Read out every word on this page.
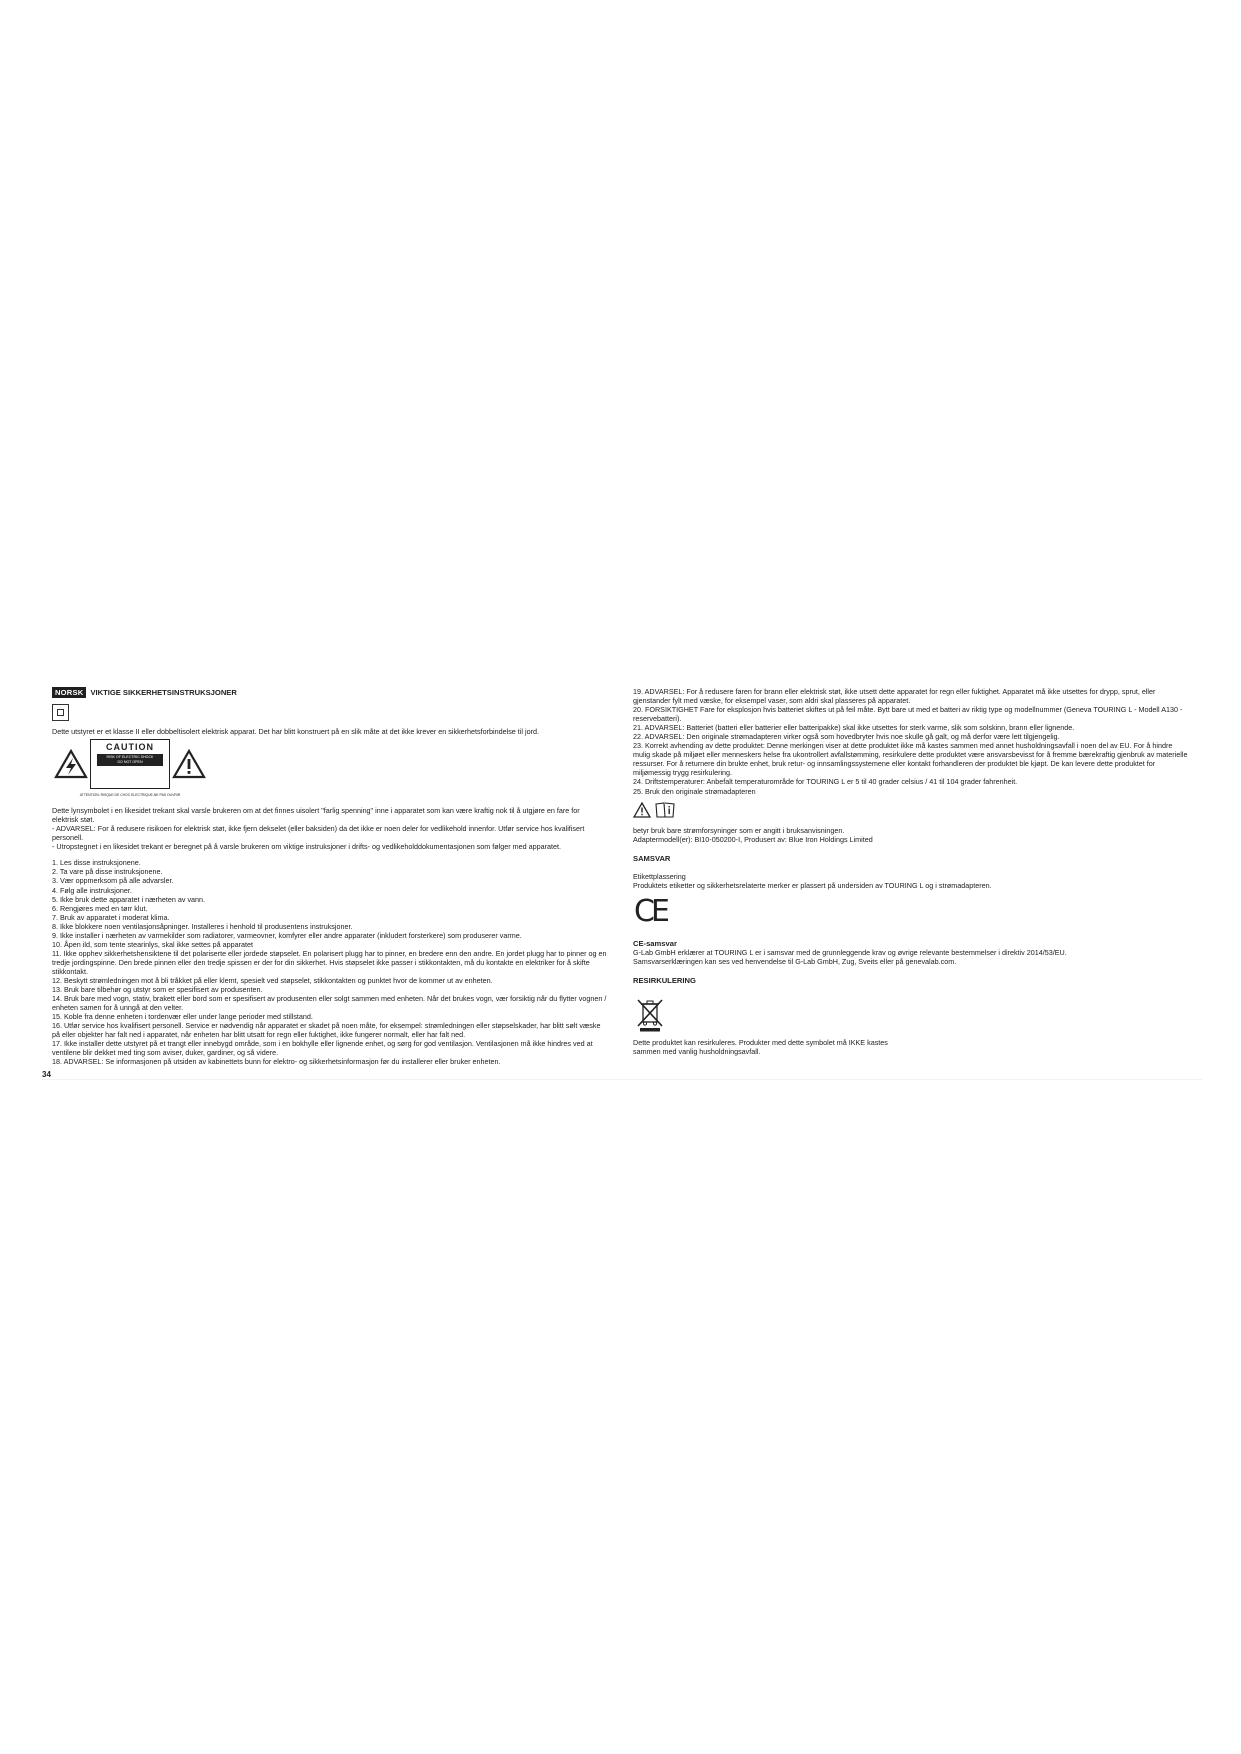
NORSK VIKTIGE SIKKERHETSINSTRUKSJONER

Dette utstyret er et klasse II eller dobbeltisolert elektrisk apparat. Det har blitt konstruert på en slik måte at det ikke krever en sikkerhetsforbindelse til jord.

CAUTION
RISK OF ELECTRIC SHOCK
DO NOT OPEN
ATTENTION: RISQUE DE CHOC ELECTRIQUE-NE PAS OUVRIR

Dette lynsymbolet i en likesidet trekant skal varsle brukeren om at det finnes uisolert "farlig spenning" inne i apparatet som kan være kraftig nok til å utgjøre en fare for elektrisk støt.

- ADVARSEL: For å redusere risikoen for elektrisk støt, ikke fjern dekselet (eller baksiden) da det ikke er noen deler for vedlikehold innenfor. Utfør service hos kvalifisert personell.

- Utropstegnet i en likesidet trekant er beregnet på å varsle brukeren om viktige instruksjoner i drifts- og vedlikeholddokumentasjonen som følger med apparatet.

1. Les disse instruksjonene.

2. Ta vare på disse instruksjonene.

3. Vær oppmerksom på alle advarsler.

4. Følg alle instruksjoner.

5. Ikke bruk dette apparatet i nærheten av vann.

6. Rengjøres med en tørr klut.

7. Bruk av apparatet i moderat klima.

8. Ikke blokkere noen ventilasjonsåpninger. Installeres i henhold til produsentens instruksjoner.

9. Ikke installer i nærheten av varmekilder som radiatorer, varmeovner, komfyrer eller andre apparater (inkludert forsterkere) som produserer varme.

10. Åpen ild, som tente stearinlys, skal ikke settes på apparatet

11. Ikke opphev sikkerhetshensiktene til det polariserte eller jordede støpselet. En polarisert plugg har to pinner, en bredere enn den andre. En jordet plugg har to pinner og en tredje jordingspinne. Den brede pinnen eller den tredje spissen er der for din sikkerhet. Hvis støpselet ikke passer i stikkontakten, må du kontakte en elektriker for å skifte stikkontakt.

12. Beskytt strømledningen mot å bli tråkket på eller klemt, spesielt ved støpselet, stikkontakten og punktet hvor de kommer ut av enheten.

13. Bruk bare tilbehør og utstyr som er spesifisert av produsenten.

14. Bruk bare med vogn, stativ, brakett eller bord som er spesifisert av produsenten eller solgt sammen med enheten. Når det brukes vogn, vær forsiktig når du flytter vognen / enheten samen for å unngå at den velter.

15. Koble fra denne enheten i tordenvær eller under lange perioder med stillstand.

16. Utfør service hos kvalifisert personell. Service er nødvendig når apparatet er skadet på noen måte, for eksempel: strømledningen eller støpselskader, har blitt sølt væske på eller objekter har falt ned i apparatet, når enheten har blitt utsatt for regn eller fuktighet, ikke fungerer normalt, eller har falt ned.

17. Ikke installer dette utstyret på et trangt eller innebygd område, som i en bokhylle eller lignende enhet, og sørg for god ventilasjon. Ventilasjonen må ikke hindres ved at ventilene blir dekket med ting som aviser, duker, gardiner, og så videre.

18. ADVARSEL: Se informasjonen på utsiden av kabinettets bunn for elektro- og sikkerhetsinformasjon før du installerer eller bruker enheten.

19. ADVARSEL: For å redusere faren for brann eller elektrisk støt, ikke utsett dette apparatet for regn eller fuktighet. Apparatet må ikke utsettes for drypp, sprut, eller gjenstander fylt med væske, for eksempel vaser, som aldri skal plasseres på apparatet.

20. FORSIKTIGHET Fare for eksplosjon hvis batteriet skiftes ut på feil måte. Bytt bare ut med et batteri av riktig type og modellnummer (Geneva TOURING L - Modell A130 - reservebatteri).

21. ADVARSEL: Batteriet (batteri eller batterier eller batteripakke) skal ikke utsettes for sterk varme, slik som solskinn, brann eller lignende.

22. ADVARSEL: Den originale strømadapteren virker også som hovedbryter hvis noe skulle gå galt, og må derfor være lett tilgjengelig.

23. Korrekt avhending av dette produktet: Denne merkingen viser at dette produktet ikke må kastes sammen med annet husholdningsavfall i noen del av EU. For å hindre mulig skade på miljøet eller menneskers helse fra ukontrollert avfallstømming, resirkulere dette produktet være ansvarsbevisst for å fremme bærekraftig gjenbruk av materielle ressurser. For å returnere din brukte enhet, bruk retur- og innsamlingssystemene eller kontakt forhandleren der produktet ble kjøpt. De kan levere dette produktet for miljømessig trygg resirkulering.

24. Driftstemperaturer: Anbefalt temperaturområde for TOURING L er 5 til 40 grader celsius / 41 til 104 grader fahrenheit.

25. Bruk den originale strømadapteren

betyr bruk bare strømforsyninger som er angitt i bruksanvisningen.

Adaptermodell(er): BI10-050200-I, Produsert av: Blue Iron Holdings Limited

SAMSVAR

Etikettplassering

Produktets etiketter og sikkerhetsrelaterte merker er plassert på undersiden av TOURING L og i strømadapteren.

CE
CE-samsvar

G-Lab GmbH erklærer at TOURING L er i samsvar med de grunnleggende krav og øvrige relevante bestemmelser i direktiv 2014/53/EU.

Samsvarserklæringen kan ses ved henvendelse til G-Lab GmbH, Zug, Sveits eller på genevalab.com.

RESIRKULERING

Dette produktet kan resirkuleres. Produkter med dette symbolet må IKKE kastes

sammen med vanlig husholdningsavfall.

34
